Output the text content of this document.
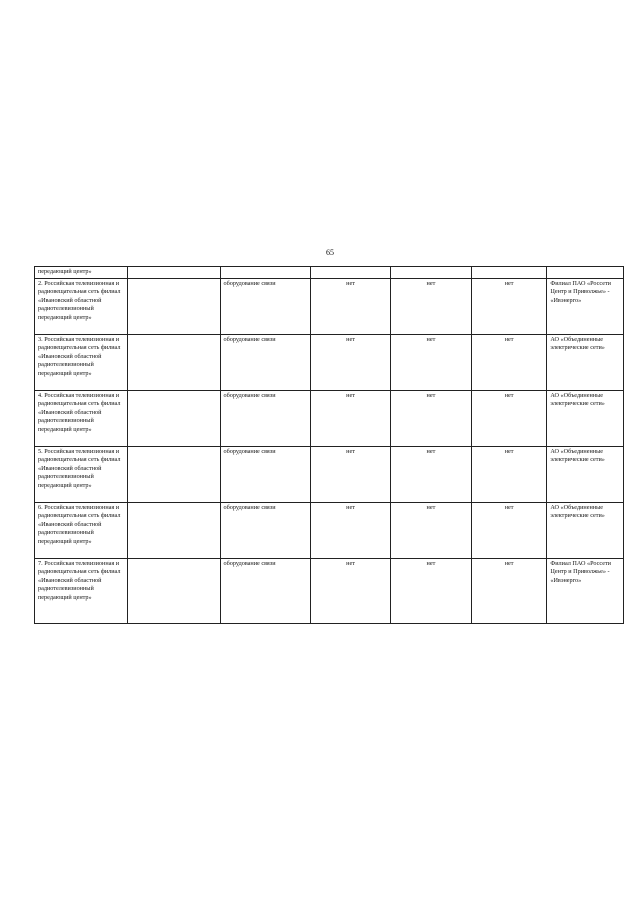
65
передающий центр»						
2. Российская телевизионная и радиовещательная сеть филиал «Ивановский областной радиотелевизионный передающий центр»		оборудование связи	нет	нет	нет	Филиал ПАО «Россети Центр и Приволжье» - «Ивэнерго»
3. Российская телевизионная и радиовещательная сеть филиал «Ивановский областной радиотелевизионный передающий центр»		оборудование связи	нет	нет	нет	АО «Объединенные электрические сети»
4. Российская телевизионная и радиовещательная сеть филиал «Ивановский областной радиотелевизионный передающий центр»		оборудование связи	нет	нет	нет	АО «Объединенные электрические сети»
5. Российская телевизионная и радиовещательная сеть филиал «Ивановский областной радиотелевизионный передающий центр»		оборудование связи	нет	нет	нет	АО «Объединенные электрические сети»
6. Российская телевизионная и радиовещательная сеть филиал «Ивановский областной радиотелевизионный передающий центр»		оборудование связи	нет	нет	нет	АО «Объединенные электрические сети»
7. Российская телевизионная и радиовещательная сеть филиал «Ивановский областной радиотелевизионный передающий центр»		оборудование связи	нет	нет	нет	Филиал ПАО «Россети Центр и Приволжье» - «Ивэнерго»
